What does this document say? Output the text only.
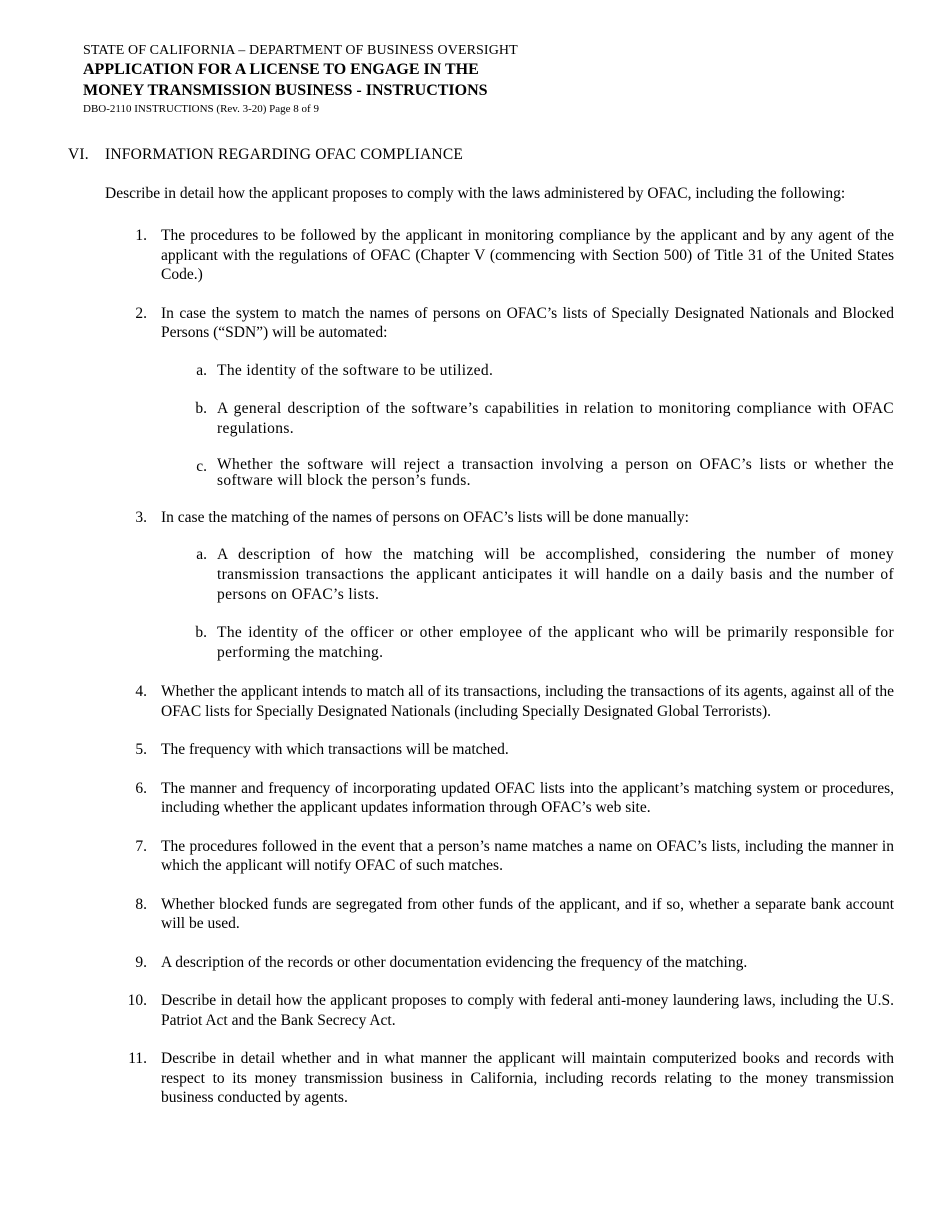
STATE OF CALIFORNIA – DEPARTMENT OF BUSINESS OVERSIGHT
APPLICATION FOR A LICENSE TO ENGAGE IN THE
MONEY TRANSMISSION BUSINESS - INSTRUCTIONS
DBO-2110 INSTRUCTIONS (Rev. 3-20) Page 8 of 9
VI. INFORMATION REGARDING OFAC COMPLIANCE
Describe in detail how the applicant proposes to comply with the laws administered by OFAC, including the following:
1. The procedures to be followed by the applicant in monitoring compliance by the applicant and by any agent of the applicant with the regulations of OFAC (Chapter V (commencing with Section 500) of Title 31 of the United States Code.)
2. In case the system to match the names of persons on OFAC’s lists of Specially Designated Nationals and Blocked Persons (“SDN”) will be automated:
a. The identity of the software to be utilized.
b. A general description of the software’s capabilities in relation to monitoring compliance with OFAC regulations.
c. Whether the software will reject a transaction involving a person on OFAC’s lists or whether the software will block the person’s funds.
3. In case the matching of the names of persons on OFAC’s lists will be done manually:
a. A description of how the matching will be accomplished, considering the number of money transmission transactions the applicant anticipates it will handle on a daily basis and the number of persons on OFAC’s lists.
b. The identity of the officer or other employee of the applicant who will be primarily responsible for performing the matching.
4. Whether the applicant intends to match all of its transactions, including the transactions of its agents, against all of the OFAC lists for Specially Designated Nationals (including Specially Designated Global Terrorists).
5. The frequency with which transactions will be matched.
6. The manner and frequency of incorporating updated OFAC lists into the applicant’s matching system or procedures, including whether the applicant updates information through OFAC’s web site.
7. The procedures followed in the event that a person’s name matches a name on OFAC’s lists, including the manner in which the applicant will notify OFAC of such matches.
8. Whether blocked funds are segregated from other funds of the applicant, and if so, whether a separate bank account will be used.
9. A description of the records or other documentation evidencing the frequency of the matching.
10. Describe in detail how the applicant proposes to comply with federal anti-money laundering laws, including the U.S. Patriot Act and the Bank Secrecy Act.
11. Describe in detail whether and in what manner the applicant will maintain computerized books and records with respect to its money transmission business in California, including records relating to the money transmission business conducted by agents.
